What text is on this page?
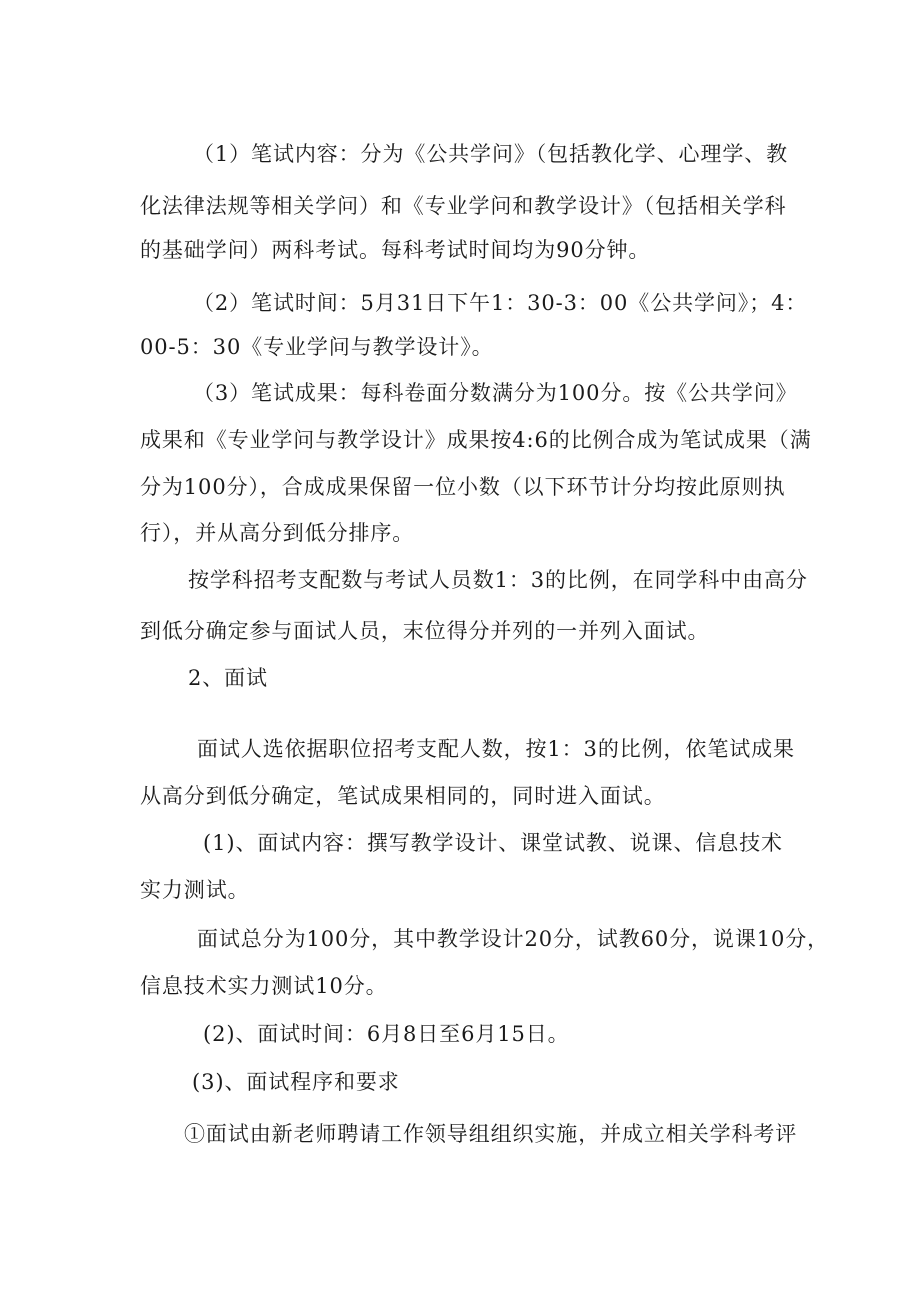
（1）笔试内容：分为《公共学问》（包括教化学、心理学、教
化法律法规等相关学问）和《专业学问和教学设计》（包括相关学科
的基础学问）两科考试。每科考试时间均为90分钟。
（2）笔试时间：5月31日下午1：30-3：00《公共学问》；4：
00-5：30《专业学问与教学设计》。
（3）笔试成果：每科卷面分数满分为100分。按《公共学问》
成果和《专业学问与教学设计》成果按4:6的比例合成为笔试成果（满
分为100分），合成成果保留一位小数（以下环节计分均按此原则执
行），并从高分到低分排序。
按学科招考支配数与考试人员数1：3的比例，在同学科中由高分
到低分确定参与面试人员，末位得分并列的一并列入面试。
2、面试
面试人选依据职位招考支配人数，按1：3的比例，依笔试成果
从高分到低分确定，笔试成果相同的，同时进入面试。
(1)、面试内容：撰写教学设计、课堂试教、说课、信息技术
实力测试。
面试总分为100分，其中教学设计20分，试教60分，说课10分，
信息技术实力测试10分。
(2)、面试时间：6月8日至6月15日。
(3)、面试程序和要求
①面试由新老师聘请工作领导组组织实施，并成立相关学科考评
